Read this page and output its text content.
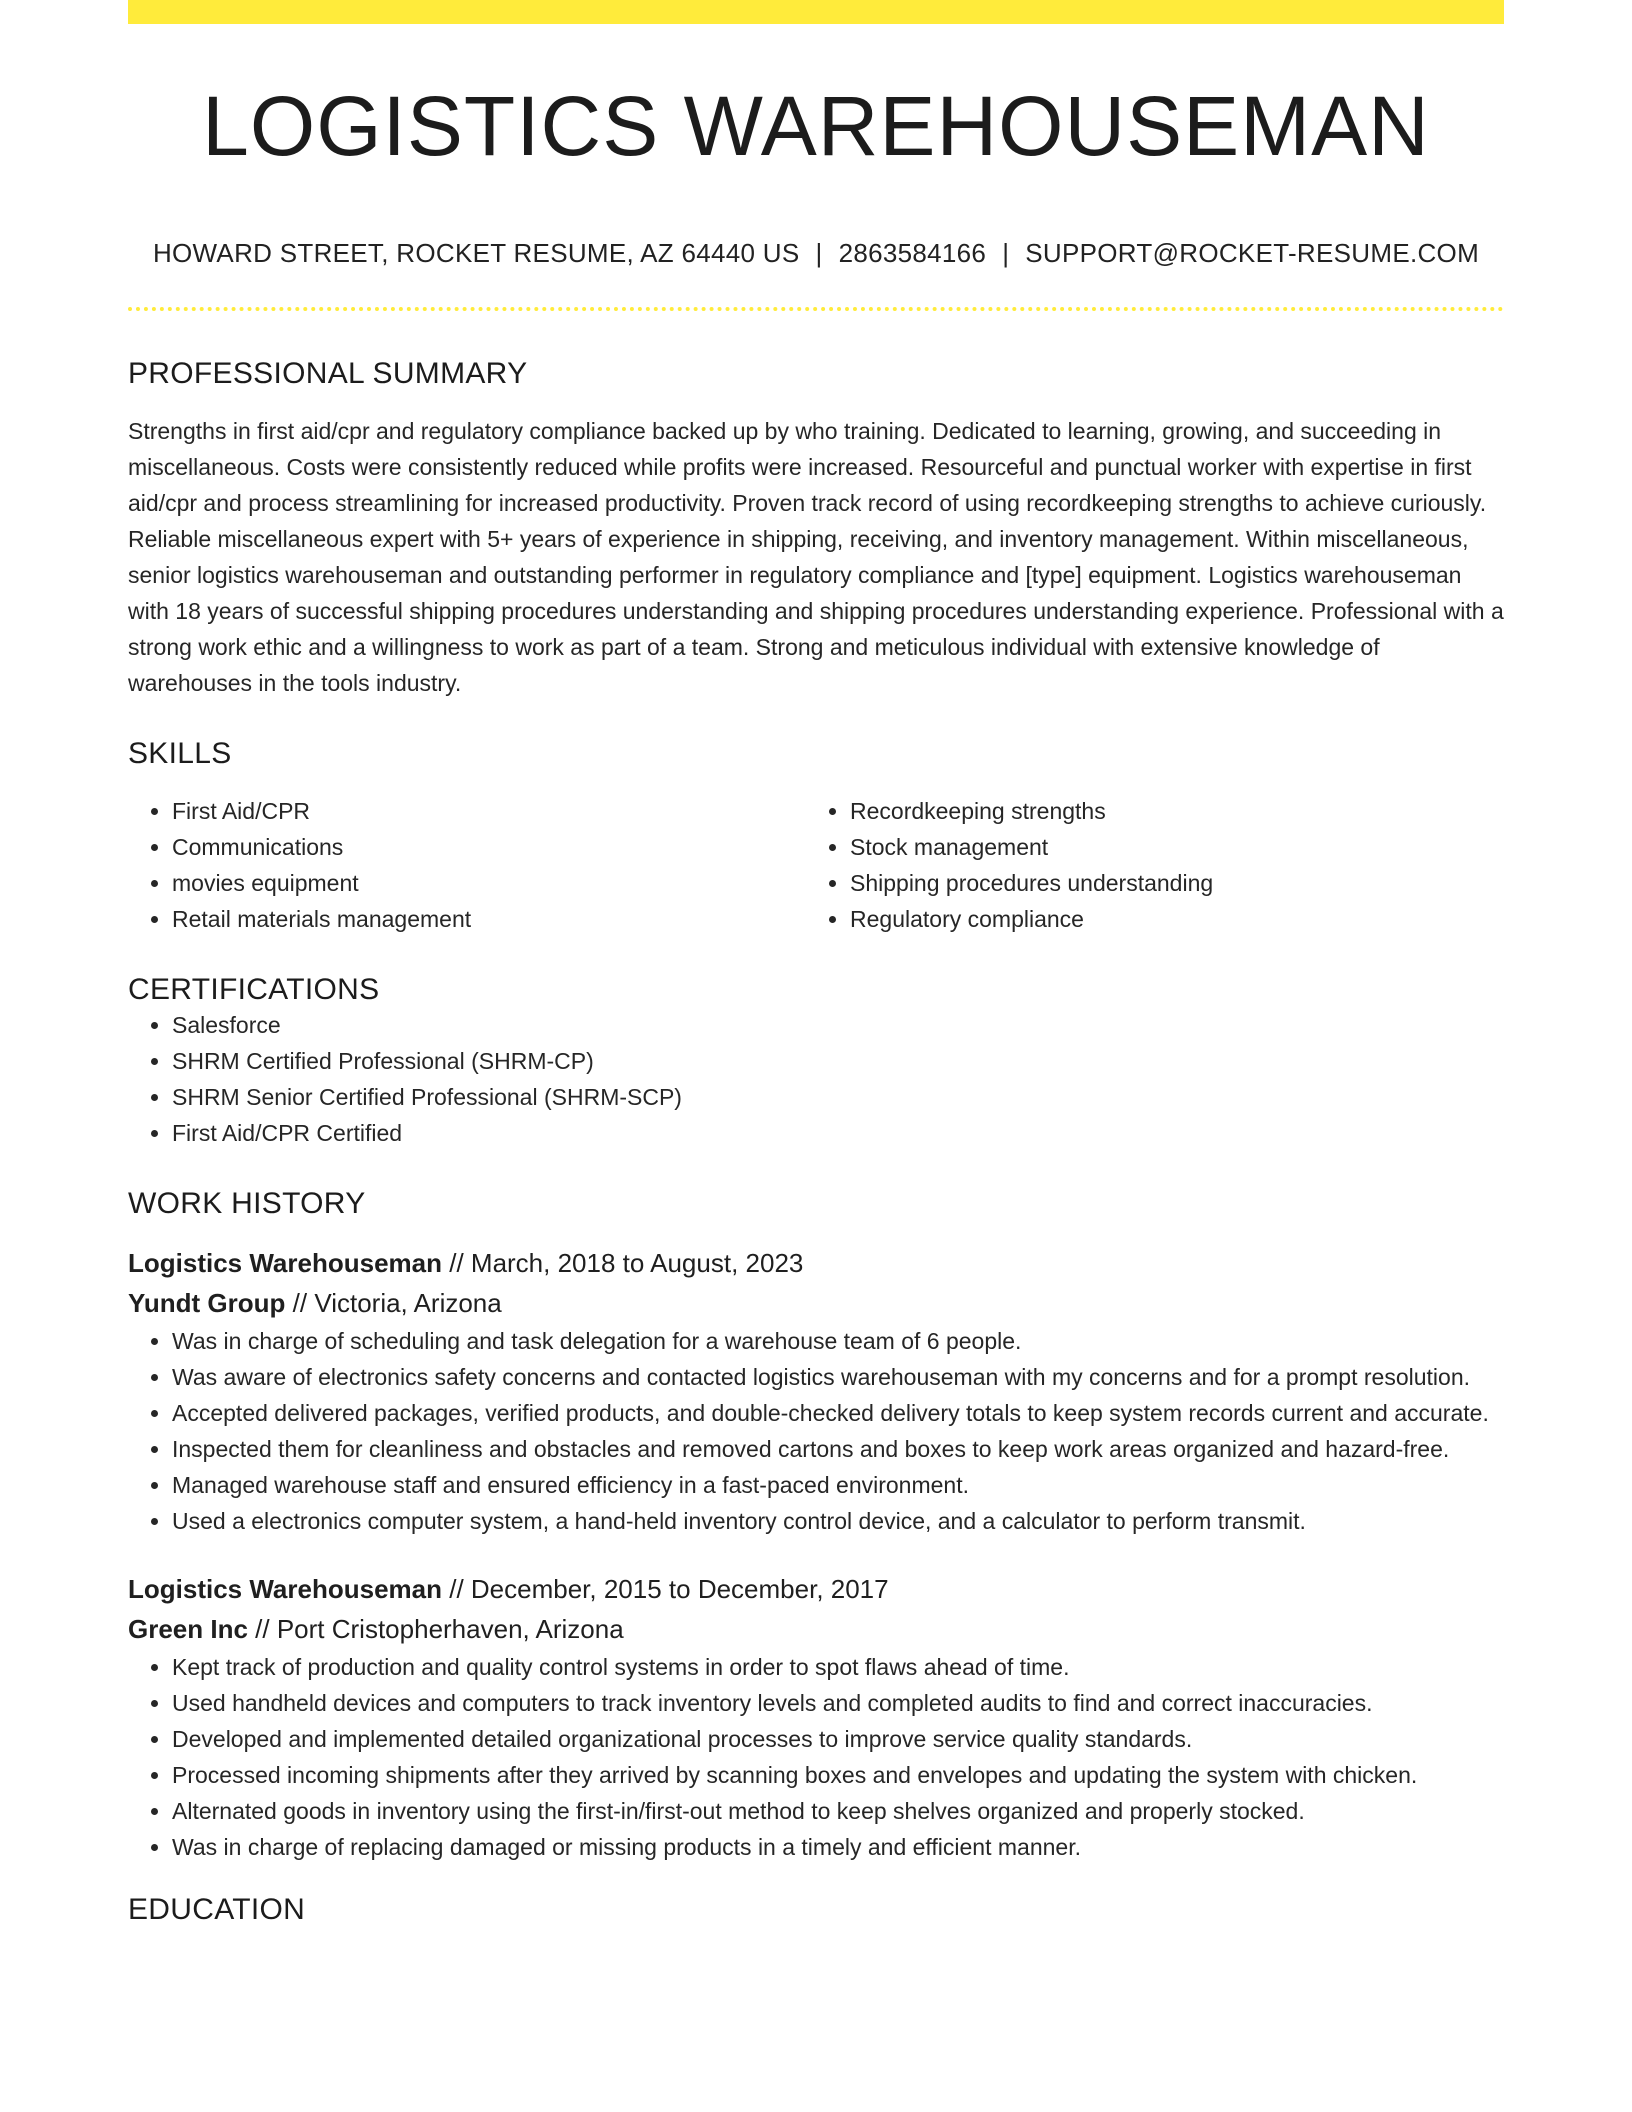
LOGISTICS WAREHOUSEMAN
HOWARD STREET, ROCKET RESUME, AZ 64440 US | 2863584166 | SUPPORT@ROCKET-RESUME.COM
PROFESSIONAL SUMMARY

Strengths in first aid/cpr and regulatory compliance backed up by who training. Dedicated to learning, growing, and succeeding in miscellaneous. Costs were consistently reduced while profits were increased. Resourceful and punctual worker with expertise in first aid/cpr and process streamlining for increased productivity. Proven track record of using recordkeeping strengths to achieve curiously. Reliable miscellaneous expert with 5+ years of experience in shipping, receiving, and inventory management. Within miscellaneous, senior logistics warehouseman and outstanding performer in regulatory compliance and [type] equipment. Logistics warehouseman with 18 years of successful shipping procedures understanding and shipping procedures understanding experience. Professional with a strong work ethic and a willingness to work as part of a team. Strong and meticulous individual with extensive knowledge of warehouses in the tools industry.

SKILLS
• First Aid/CPR
• Communications
• movies equipment
• Retail materials management
• Recordkeeping strengths
• Stock management
• Shipping procedures understanding
• Regulatory compliance
CERTIFICATIONS
• Salesforce
• SHRM Certified Professional (SHRM-CP)
• SHRM Senior Certified Professional (SHRM-SCP)
• First Aid/CPR Certified
WORK HISTORY
Logistics Warehouseman // March, 2018 to August, 2023
Yundt Group // Victoria, Arizona
• Was in charge of scheduling and task delegation for a warehouse team of 6 people.
• Was aware of electronics safety concerns and contacted logistics warehouseman with my concerns and for a prompt resolution.
• Accepted delivered packages, verified products, and double-checked delivery totals to keep system records current and accurate.
• Inspected them for cleanliness and obstacles and removed cartons and boxes to keep work areas organized and hazard-free.
• Managed warehouse staff and ensured efficiency in a fast-paced environment.
• Used a electronics computer system, a hand-held inventory control device, and a calculator to perform transmit.
Logistics Warehouseman // December, 2015 to December, 2017
Green Inc // Port Cristopherhaven, Arizona
• Kept track of production and quality control systems in order to spot flaws ahead of time.
• Used handheld devices and computers to track inventory levels and completed audits to find and correct inaccuracies.
• Developed and implemented detailed organizational processes to improve service quality standards.
• Processed incoming shipments after they arrived by scanning boxes and envelopes and updating the system with chicken.
• Alternated goods in inventory using the first-in/first-out method to keep shelves organized and properly stocked.
• Was in charge of replacing damaged or missing products in a timely and efficient manner.
EDUCATION
